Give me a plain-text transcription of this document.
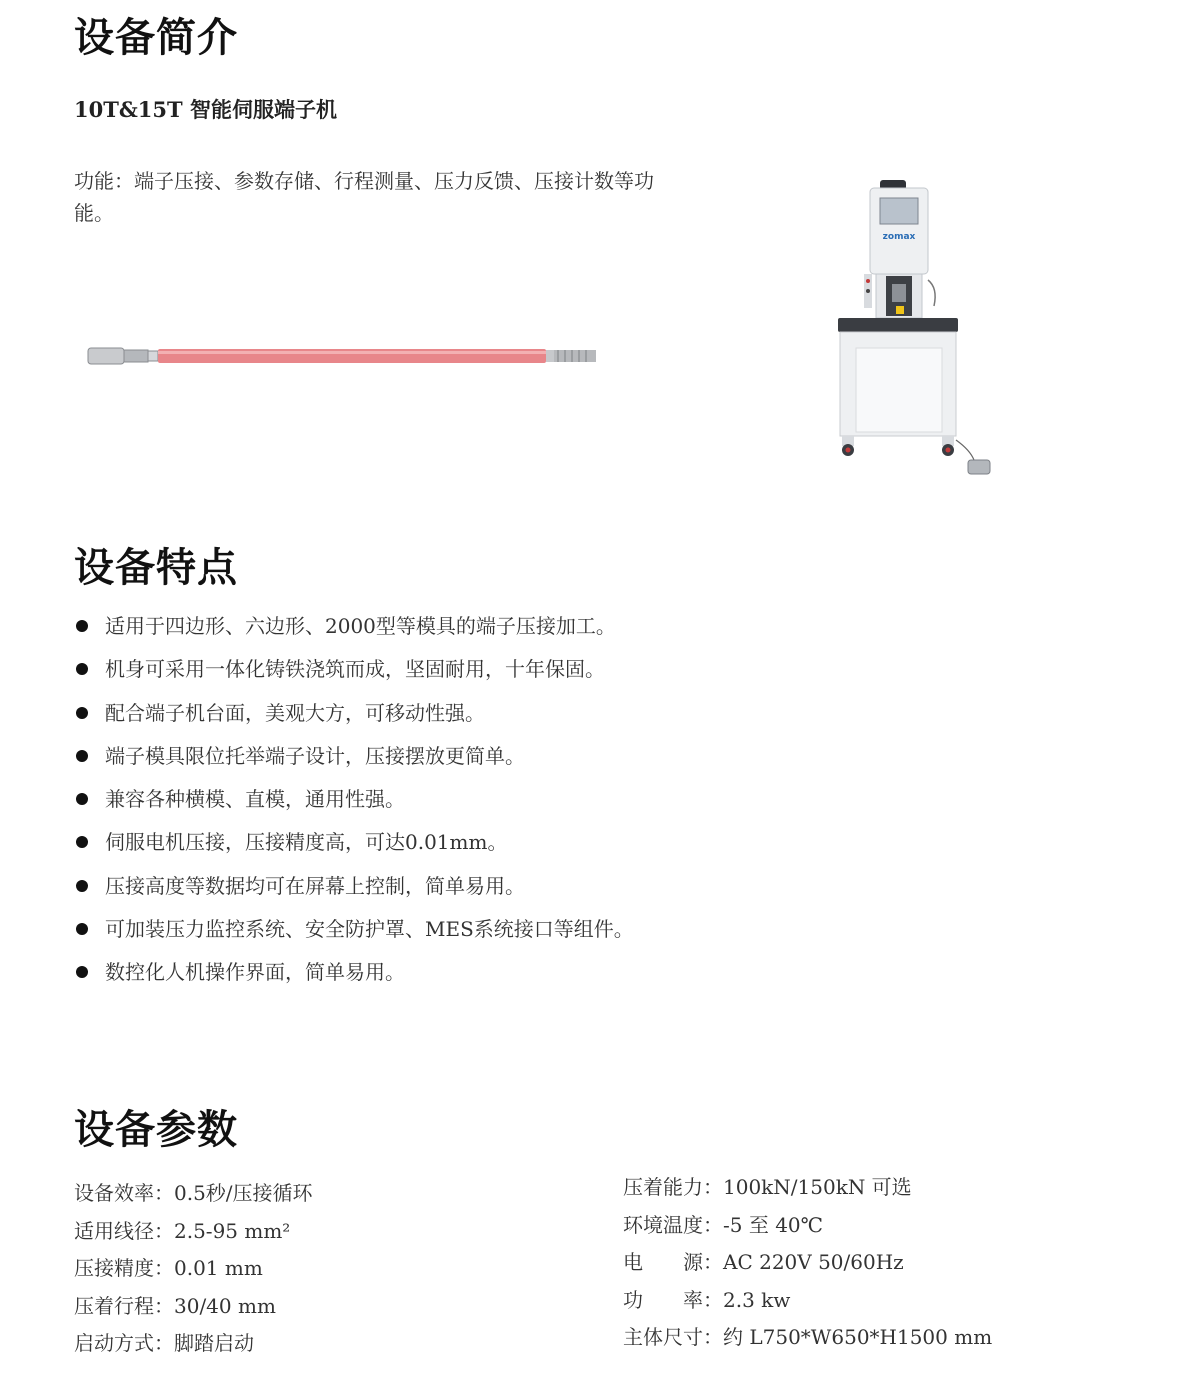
设备简介
10T&15T 智能伺服端子机
功能：端子压接、参数存储、行程测量、压力反馈、压接计数等功能。
zomax
设备特点
适用于四边形、六边形、2000型等模具的端子压接加工。
机身可采用一体化铸铁浇筑而成，坚固耐用，十年保固。
配合端子机台面，美观大方，可移动性强。
端子模具限位托举端子设计，压接摆放更简单。
兼容各种横模、直模，通用性强。
伺服电机压接，压接精度高，可达0.01mm。
压接高度等数据均可在屏幕上控制，简单易用。
可加装压力监控系统、安全防护罩、MES系统接口等组件。
数控化人机操作界面，简单易用。
设备参数
设备效率：0.5秒/压接循环
适用线径：2.5-95 mm²
压接精度：0.01 mm
压着行程：30/40 mm
启动方式：脚踏启动
压着能力：100kN/150kN 可选
环境温度：-5 至 40℃
电　　源：AC 220V 50/60Hz
功　　率：2.3 kw
主体尺寸：约 L750*W650*H1500 mm
